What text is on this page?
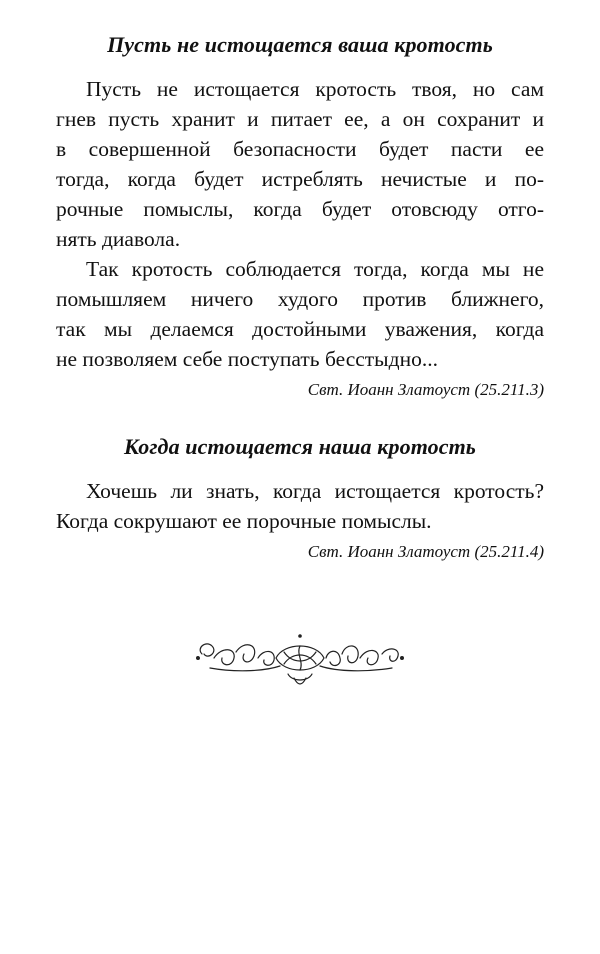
Пусть не истощается ваша кротость

Пусть не истощается кротость твоя, но сам
гнев пусть хранит и питает ее, а он сохранит и
в совершенной безопасности будет пасти ее
тогда, когда будет истреблять нечистые и по-
рочные помыслы, когда будет отовсюду отго-
нять диавола.

Так кротость соблюдается тогда, когда мы не
помышляем ничего худого против ближнего,
так мы делаемся достойными уважения, когда
не позволяем себе поступать бесстыдно...

Свт. Иоанн Златоуст (25.211.3)

Когда истощается наша кротость

Хочешь ли знать, когда истощается кротость?
Когда сокрушают ее порочные помыслы.

Свт. Иоанн Златоуст (25.211.4)
